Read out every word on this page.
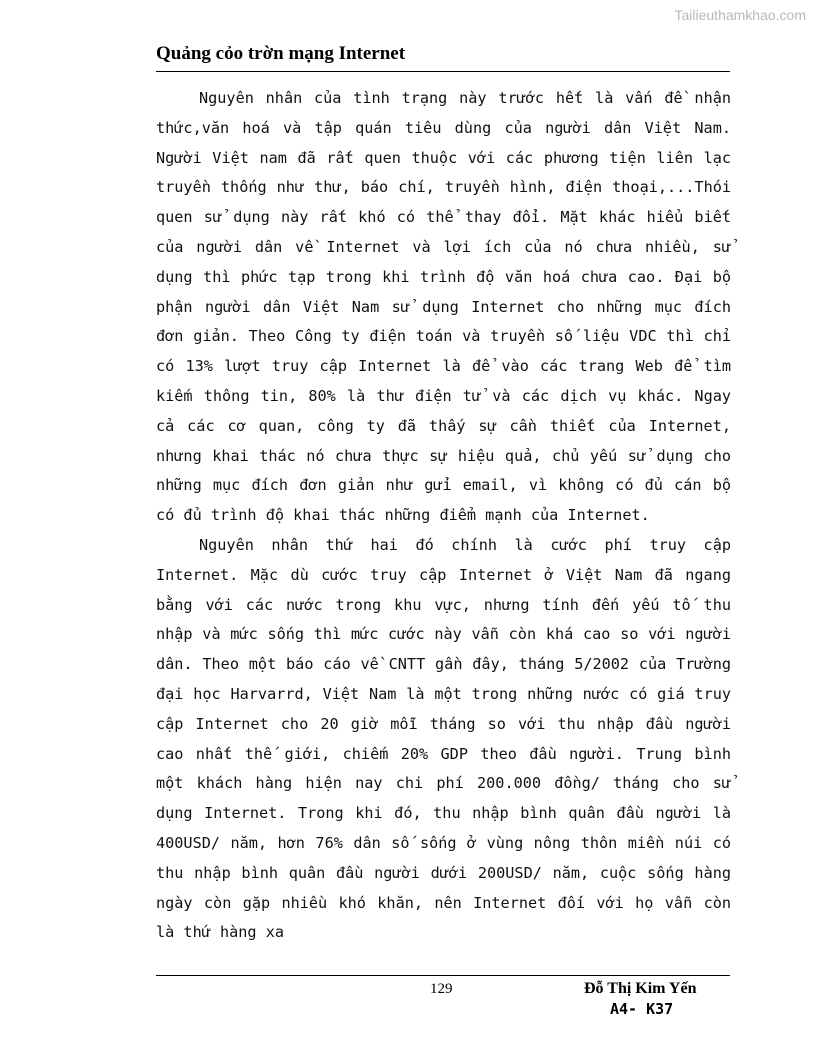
Tailieuthamkhao.com
Quảng cỏo trờn mạng Internet

Nguyên nhân của tình trạng này trước hết là vấn đề nhận thức,văn hoá và tập quán tiêu dùng của người dân Việt Nam. Người Việt nam đã rất quen thuộc với các phương tiện liên lạc truyền thống như thư, báo chí, truyền hình, điện thoại,...Thói quen sử dụng này rất khó có thể thay đổi. Mặt khác hiểu biết của người dân về Internet và lợi ích của nó chưa nhiều, sử dụng thì phức tạp trong khi trình độ văn hoá chưa cao. Đại bộ phận người dân Việt Nam sử dụng Internet cho những mục đích đơn giản. Theo Công ty điện toán và truyền số liệu VDC thì chỉ có 13% lượt truy cập Internet là để vào các trang Web để tìm kiếm thông tin, 80% là thư điện tử và các dịch vụ khác. Ngay cả các cơ quan, công ty đã thấy sự cần thiết của Internet, nhưng khai thác nó chưa thực sự hiệu quả, chủ yếu sử dụng cho những mục đích đơn giản như gửi email, vì không có đủ cán bộ có đủ trình độ khai thác những điểm mạnh của Internet.

Nguyên nhân thứ hai đó chính là cước phí truy cập Internet. Mặc dù cước truy cập Internet ở Việt Nam đã ngang bằng với các nước trong khu vực, nhưng tính đến yếu tố thu nhập và mức sống thì mức cước này vẫn còn khá cao so với người dân. Theo một báo cáo về CNTT gần đây, tháng 5/2002 của Trường đại học Harvarrd, Việt Nam là một trong những nước có giá truy cập Internet cho 20 giờ mỗi tháng so với thu nhập đầu người cao nhất thế giới, chiếm 20% GDP theo đầu người. Trung bình một khách hàng hiện nay chi phí 200.000 đồng/ tháng cho sử dụng Internet. Trong khi đó, thu nhập bình quân đầu người là 400USD/ năm, hơn 76% dân số sống ở vùng nông thôn miền núi có thu nhập bình quân đầu người dưới 200USD/ năm, cuộc sống hàng ngày còn gặp nhiều khó khăn, nên Internet đối với họ vẫn còn là thứ hàng xa

129	Đỗ Thị Kim Yến
A4- K37
